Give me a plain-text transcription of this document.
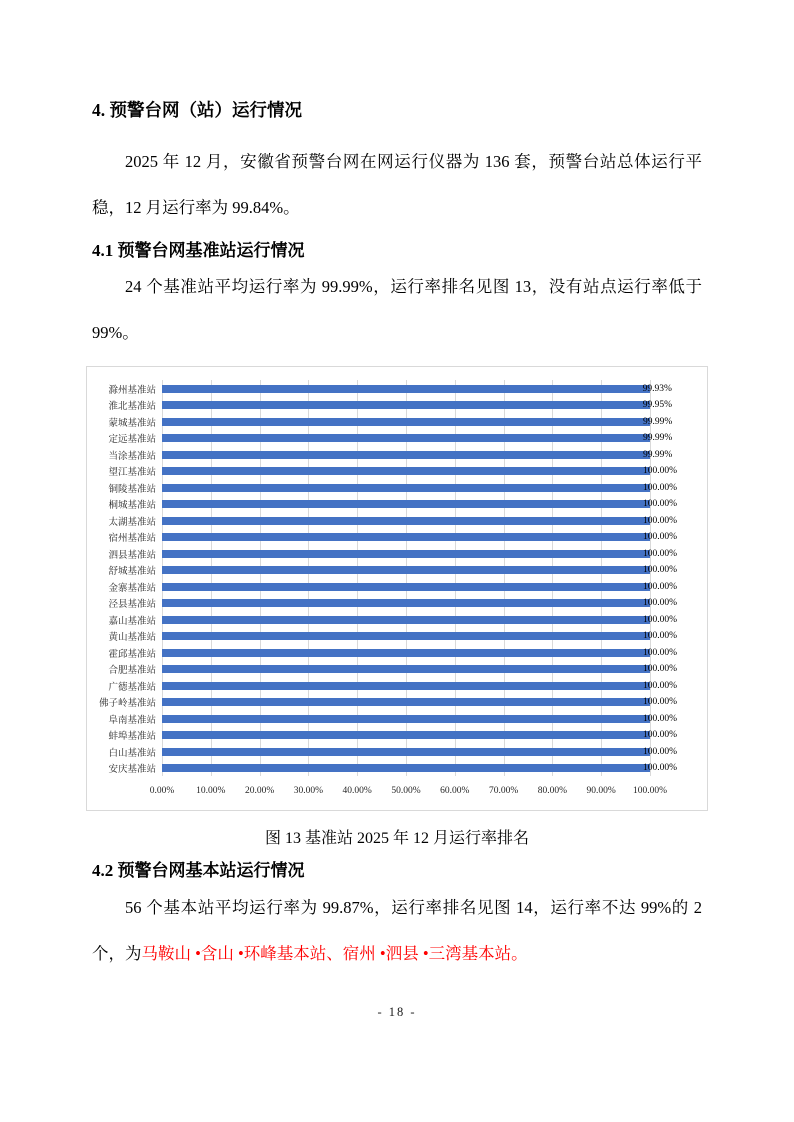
4. 预警台网（站）运行情况

2025 年 12 月，安徽省预警台网在网运行仪器为 136 套，预警台站总体运行平稳，12 月运行率为 99.84%。

4.1 预警台网基准站运行情况

24 个基准站平均运行率为 99.99%，运行率排名见图 13，没有站点运行率低于 99%。

滁州基准站	99.93%
淮北基准站	99.95%
蒙城基准站	99.99%
定远基准站	99.99%
当涂基准站	99.99%
望江基准站	100.00%
铜陵基准站	100.00%
桐城基准站	100.00%
太湖基准站	100.00%
宿州基准站	100.00%
泗县基准站	100.00%
舒城基准站	100.00%
金寨基准站	100.00%
泾县基准站	100.00%
嘉山基准站	100.00%
黄山基准站	100.00%
霍邱基准站	100.00%
合肥基准站	100.00%
广德基准站	100.00%
佛子岭基准站	100.00%
阜南基准站	100.00%
蚌埠基准站	100.00%
白山基准站	100.00%
安庆基准站	100.00%
0.00% 10.00% 20.00% 30.00% 40.00% 50.00% 60.00% 70.00% 80.00% 90.00% 100.00%

图 13 基准站 2025 年 12 月运行率排名

4.2 预警台网基本站运行情况

56 个基本站平均运行率为 99.87%，运行率排名见图 14，运行率不达 99%的 2 个，为马鞍山 •含山 •环峰基本站、宿州 •泗县 •三湾基本站。

- 18 -
